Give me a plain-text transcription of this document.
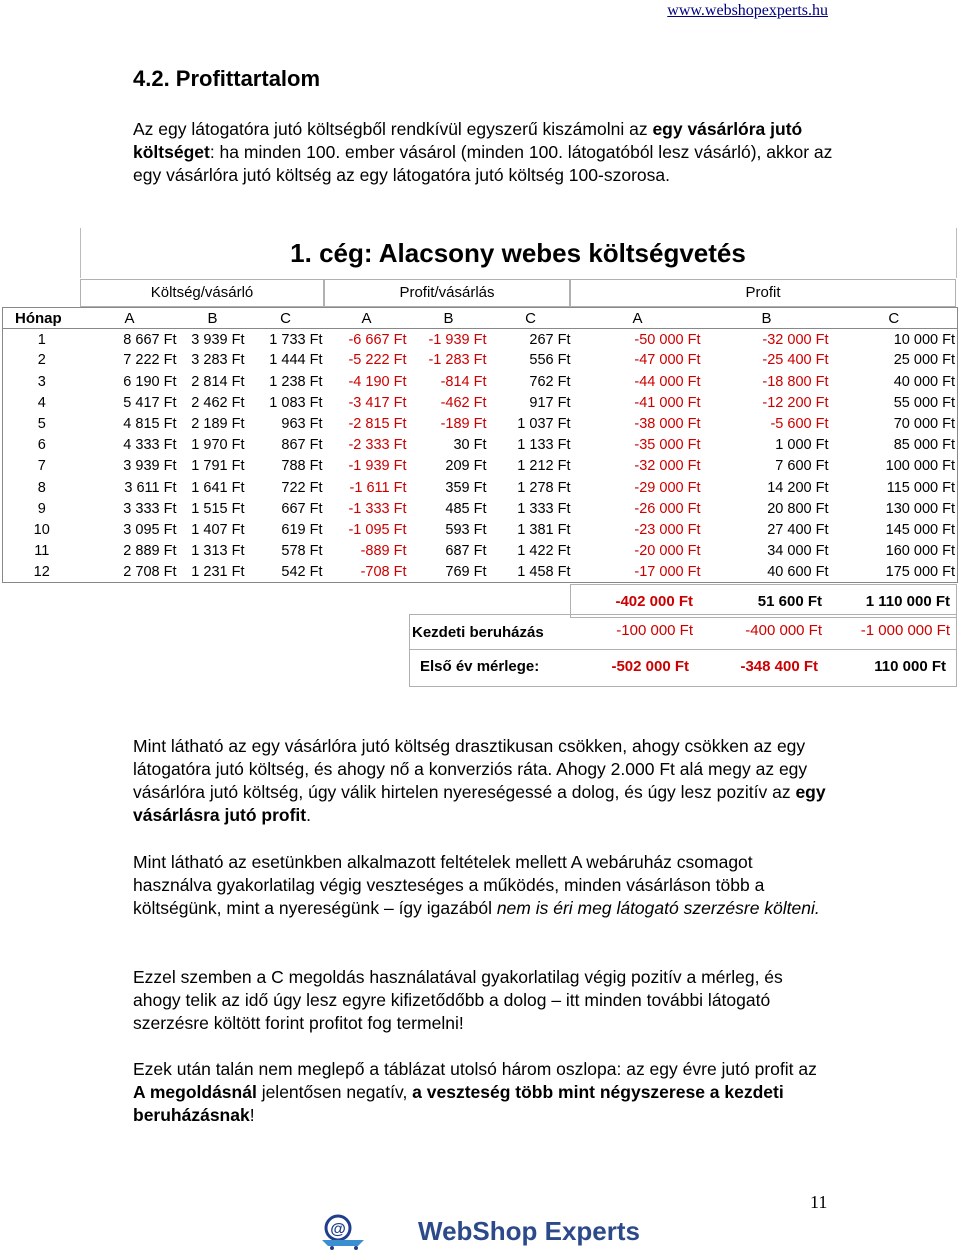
www.webshopexperts.hu
4.2. Profittartalom

Az egy látogatóra jutó költségből rendkívül egyszerű kiszámolni az egy vásárlóra jutó költséget: ha minden 100. ember vásárol (minden 100. látogatóból lesz vásárló), akkor az egy vásárlóra jutó költség az egy látogatóra jutó költség 100-szorosa.

1. cég: Alacsony webes költségvetés
Költség/vásárló	Profit/vásárlás	Profit
Hónap	A	B	C	A	B	C	A	B	C
1	8 667 Ft	3 939 Ft	1 733 Ft	-6 667 Ft	-1 939 Ft	267 Ft	-50 000 Ft	-32 000 Ft	10 000 Ft
2	7 222 Ft	3 283 Ft	1 444 Ft	-5 222 Ft	-1 283 Ft	556 Ft	-47 000 Ft	-25 400 Ft	25 000 Ft
3	6 190 Ft	2 814 Ft	1 238 Ft	-4 190 Ft	-814 Ft	762 Ft	-44 000 Ft	-18 800 Ft	40 000 Ft
4	5 417 Ft	2 462 Ft	1 083 Ft	-3 417 Ft	-462 Ft	917 Ft	-41 000 Ft	-12 200 Ft	55 000 Ft
5	4 815 Ft	2 189 Ft	963 Ft	-2 815 Ft	-189 Ft	1 037 Ft	-38 000 Ft	-5 600 Ft	70 000 Ft
6	4 333 Ft	1 970 Ft	867 Ft	-2 333 Ft	30 Ft	1 133 Ft	-35 000 Ft	1 000 Ft	85 000 Ft
7	3 939 Ft	1 791 Ft	788 Ft	-1 939 Ft	209 Ft	1 212 Ft	-32 000 Ft	7 600 Ft	100 000 Ft
8	3 611 Ft	1 641 Ft	722 Ft	-1 611 Ft	359 Ft	1 278 Ft	-29 000 Ft	14 200 Ft	115 000 Ft
9	3 333 Ft	1 515 Ft	667 Ft	-1 333 Ft	485 Ft	1 333 Ft	-26 000 Ft	20 800 Ft	130 000 Ft
10	3 095 Ft	1 407 Ft	619 Ft	-1 095 Ft	593 Ft	1 381 Ft	-23 000 Ft	27 400 Ft	145 000 Ft
11	2 889 Ft	1 313 Ft	578 Ft	-889 Ft	687 Ft	1 422 Ft	-20 000 Ft	34 000 Ft	160 000 Ft
12	2 708 Ft	1 231 Ft	542 Ft	-708 Ft	769 Ft	1 458 Ft	-17 000 Ft	40 600 Ft	175 000 Ft
-402 000 Ft	51 600 Ft	1 110 000 Ft
Kezdeti beruházás	-100 000 Ft	-400 000 Ft	-1 000 000 Ft
Első év mérlege:	-502 000 Ft	-348 400 Ft	110 000 Ft

Mint látható az egy vásárlóra jutó költség drasztikusan csökken, ahogy csökken az egy látogatóra jutó költség, és ahogy nő a konverziós ráta. Ahogy 2.000 Ft alá megy az egy vásárlóra jutó költség, úgy válik hirtelen nyereségessé a dolog, és úgy lesz pozitív az egy vásárlásra jutó profit.

Mint látható az esetünkben alkalmazott feltételek mellett A webáruház csomagot használva gyakorlatilag végig veszteséges a működés, minden vásárláson több a költségünk, mint a nyereségünk – így igazából nem is éri meg látogató szerzésre költeni.

Ezzel szemben a C megoldás használatával gyakorlatilag végig pozitív a mérleg, és ahogy telik az idő úgy lesz egyre kifizetődőbb a dolog – itt minden további látogató szerzésre költött forint profitot fog termelni!

Ezek után talán nem meglepő a táblázat utolsó három oszlopa: az egy évre jutó profit az A megoldásnál jelentősen negatív, a veszteség több mint négyszerese a kezdeti beruházásnak!

11
@	WebShop Experts
